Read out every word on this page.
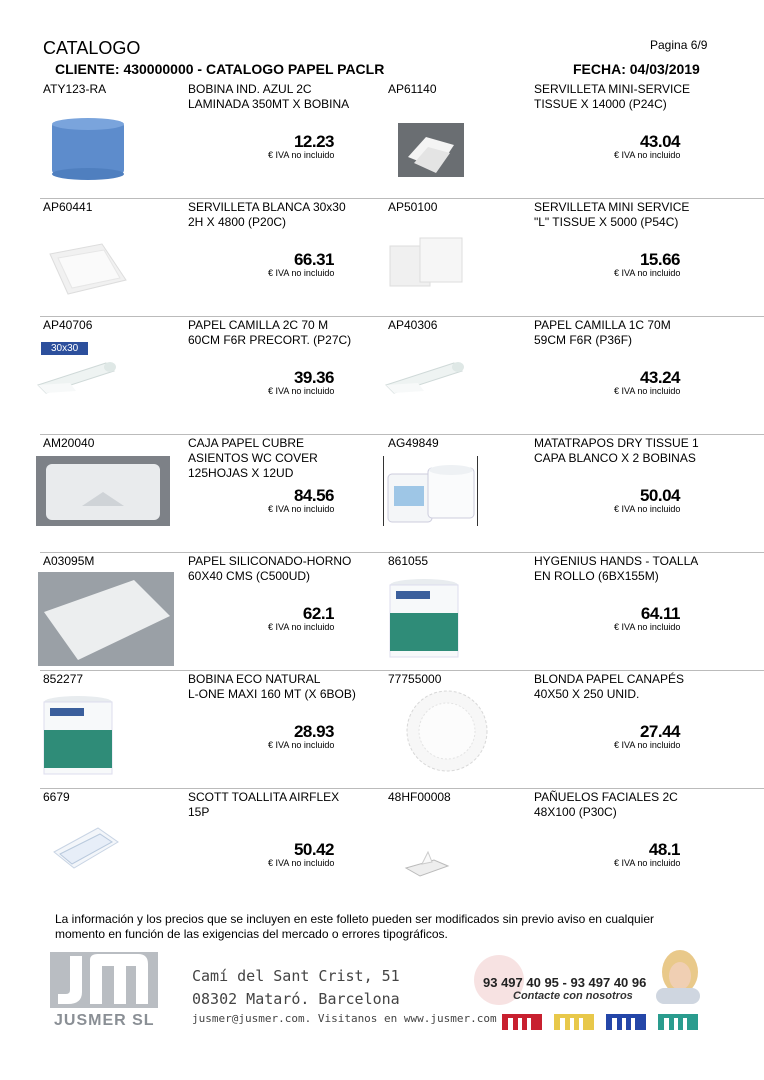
CATALOGO	Pagina 6/9
CLIENTE: 430000000 - CATALOGO PAPEL PACLR	FECHA: 04/03/2019
ATY123-RA	BOBINA IND. AZUL 2C
LAMINADA 350MT X BOBINA
12.23
€ IVA no incluido
AP61140	SERVILLETA MINI-SERVICE
TISSUE X 14000 (P24C)
43.04
€ IVA no incluido
AP60441	SERVILLETA BLANCA 30x30
2H X 4800 (P20C)
66.31
€ IVA no incluido
30x30
AP50100	SERVILLETA MINI SERVICE
"L" TISSUE X 5000 (P54C)
15.66
€ IVA no incluido
AP40706	PAPEL CAMILLA 2C 70 M
60CM F6R PRECORT. (P27C)
39.36
€ IVA no incluido
AP40306	PAPEL CAMILLA 1C 70M
59CM F6R (P36F)
43.24
€ IVA no incluido
AM20040	CAJA PAPEL CUBRE
ASIENTOS WC COVER
125HOJAS X 12UD
84.56
€ IVA no incluido
AG49849	MATATRAPOS DRY TISSUE 1
CAPA BLANCO X 2 BOBINAS
50.04
€ IVA no incluido
A03095M	PAPEL SILICONADO-HORNO
60X40 CMS (C500UD)
62.1
€ IVA no incluido
861055	HYGENIUS HANDS - TOALLA
EN ROLLO (6BX155M)
64.11
€ IVA no incluido
852277	BOBINA ECO NATURAL
L-ONE MAXI 160 MT (X 6BOB)
28.93
€ IVA no incluido
77755000	BLONDA PAPEL CANAPÉS
40X50 X 250 UNID.
27.44
€ IVA no incluido
6679	SCOTT TOALLITA AIRFLEX
15P
50.42
€ IVA no incluido
48HF00008	PAÑUELOS FACIALES 2C
48X100 (P30C)
48.1
€ IVA no incluido
La información y los precios que se incluyen en este folleto pueden ser modificados sin previo aviso en cualquier
momento en función de las exigencias del mercado o errores tipográficos.
JUSMER SL
Camí del Sant Crist, 51
08302 Mataró. Barcelona
jusmer@jusmer.com. Visitanos en www.jusmer.com
93 497 40 95 - 93 497 40 96
Contacte con nosotros
